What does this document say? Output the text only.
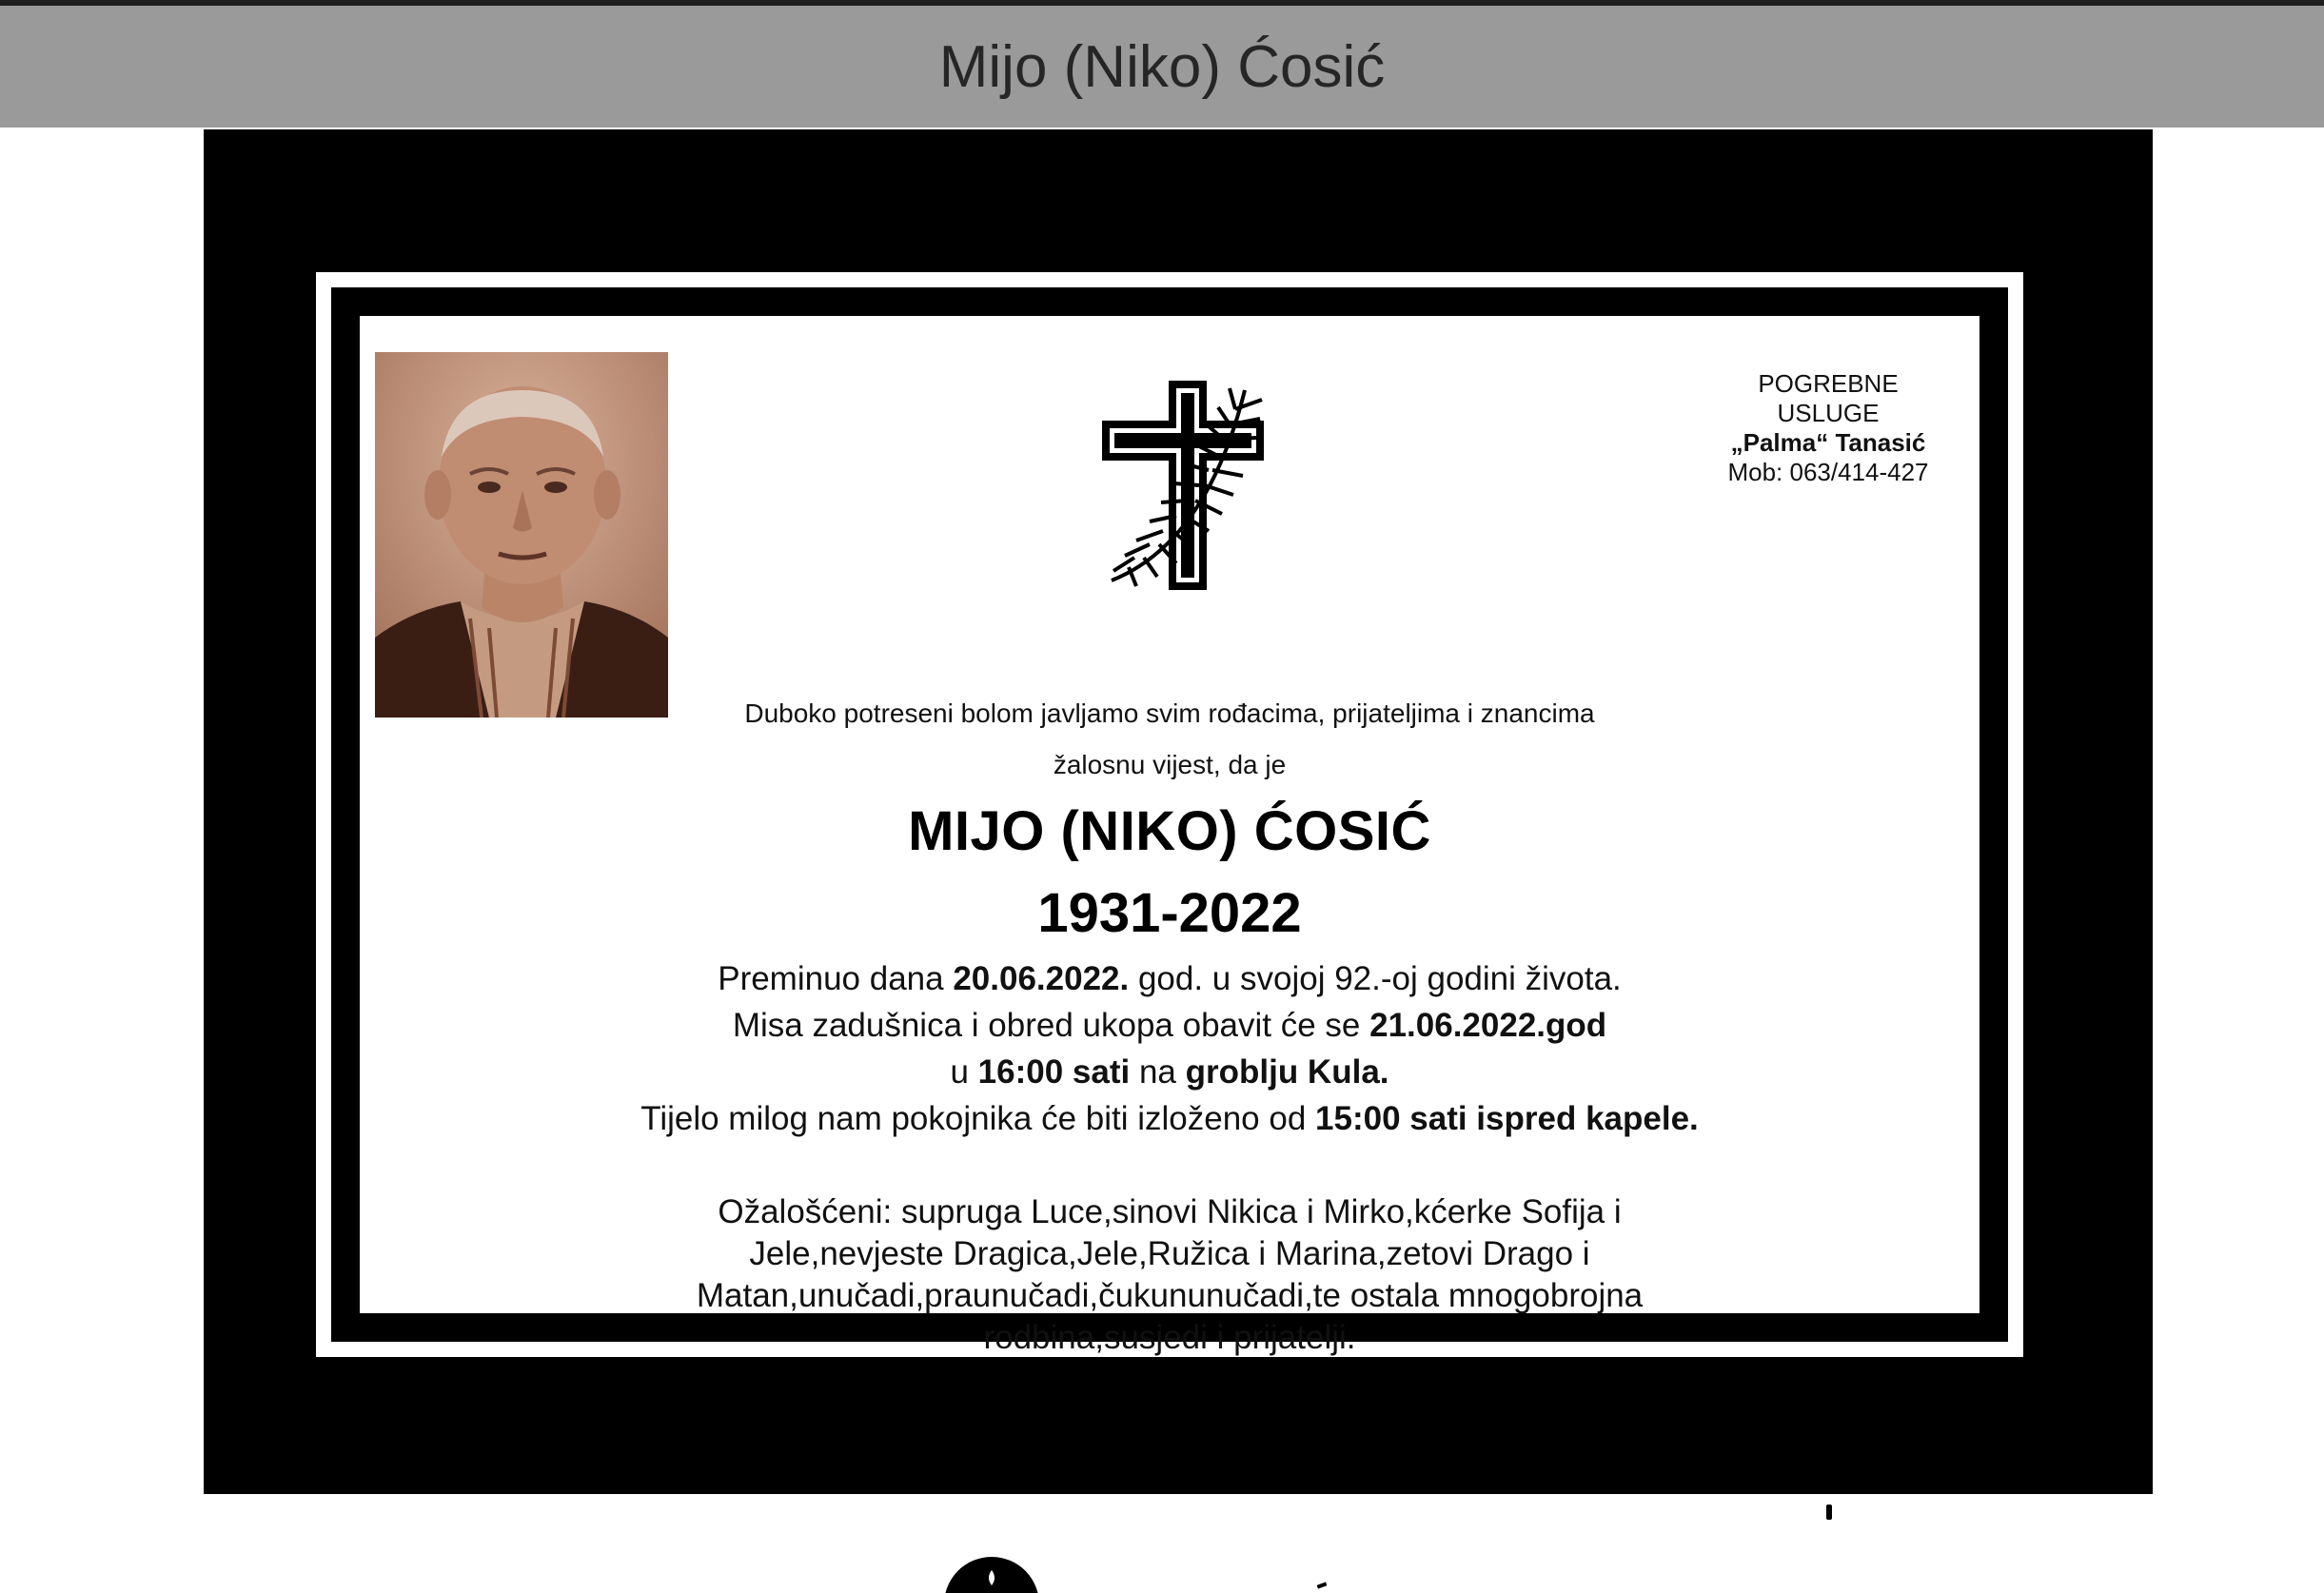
Mijo (Niko) Ćosić
POGREBNE
USLUGE
„Palma“ Tanasić
Mob: 063/414-427
Duboko potreseni bolom javljamo svim rođacima, prijateljima i znancima
žalosnu vijest, da je
MIJO (NIKO) ĆOSIĆ
1931-2022
Preminuo dana 20.06.2022. god. u svojoj 92.-oj godini života.
Misa zadušnica i obred ukopa obavit će se 21.06.2022.god
u 16:00 sati na groblju Kula.
Tijelo milog nam pokojnika će biti izloženo od 15:00 sati ispred kapele.
Ožalošćeni: supruga Luce,sinovi Nikica i Mirko,kćerke Sofija i Jele,nevjeste Dragica,Jele,Ružica i Marina,zetovi Drago i Matan,unučadi,praunučadi,čukununučadi,te ostala mnogobrojna rodbina,susjedi i prijatelji.
smrtnice KSB
